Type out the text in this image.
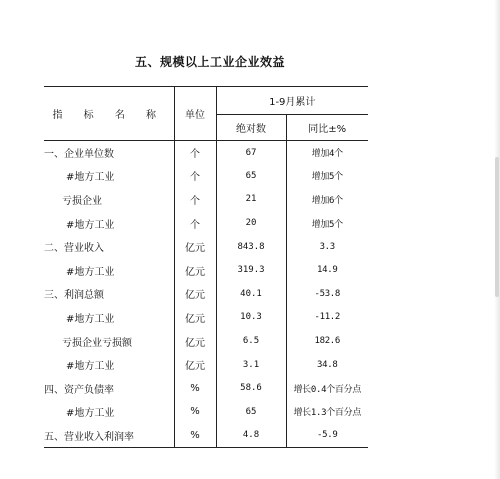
五、规模以上工业企业效益
指 标 名 称	单位	1-9月累计	
		绝对数	同比±%
一、企业单位数	个	67	增加4个
#地方工业	个	65	增加5个
亏损企业	个	21	增加6个
#地方工业	个	20	增加5个
二、营业收入	亿元	843.8	3.3
#地方工业	亿元	319.3	14.9
三、利润总额	亿元	40.1	-53.8
#地方工业	亿元	10.3	-11.2
亏损企业亏损额	亿元	6.5	182.6
#地方工业	亿元	3.1	34.8
四、资产负债率	%	58.6	增长0.4个百分点
#地方工业	%	65	增长1.3个百分点
五、营业收入利润率	%	4.8	-5.9
